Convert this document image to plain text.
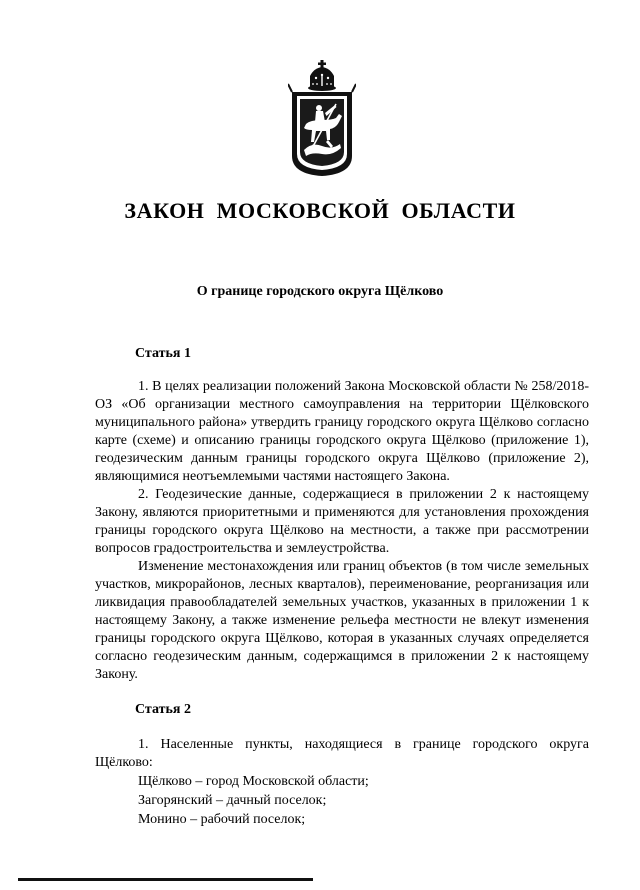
ЗАКОН МОСКОВСКОЙ ОБЛАСТИ
О границе городского округа Щёлково
Статья 1

1. В целях реализации положений Закона Московской области № 258/2018-ОЗ «Об организации местного самоуправления на территории Щёлковского муниципального района» утвердить границу городского округа Щёлково согласно карте (схеме) и описанию границы городского округа Щёлково (приложение 1), геодезическим данным границы городского округа Щёлково (приложение 2), являющимися неотъемлемыми частями настоящего Закона.

2. Геодезические данные, содержащиеся в приложении 2 к настоящему Закону, являются приоритетными и применяются для установления прохождения границы городского округа Щёлково на местности, а также при рассмотрении вопросов градостроительства и землеустройства.

Изменение местонахождения или границ объектов (в том числе земельных участков, микрорайонов, лесных кварталов), переименование, реорганизация или ликвидация правообладателей земельных участков, указанных в приложении 1 к настоящему Закону, а также изменение рельефа местности не влекут изменения границы городского округа Щёлково, которая в указанных случаях определяется согласно геодезическим данным, содержащимся в приложении 2 к настоящему Закону.

Статья 2

1. Населенные пункты, находящиеся в границе городского округа Щёлково:

Щёлково – город Московской области;

Загорянский – дачный поселок;

Монино – рабочий поселок;
